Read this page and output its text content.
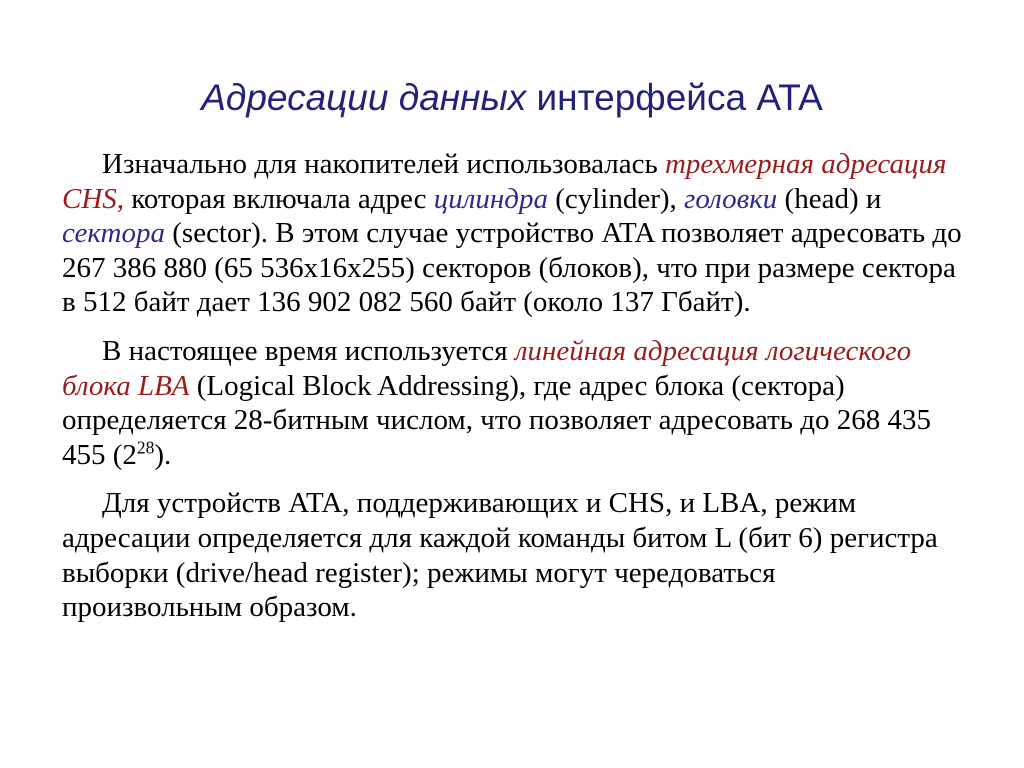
Адресации данных интерфейса ATA

Изначально для накопителей использовалась трехмерная адресация CHS, которая включала адрес цилиндра (cylinder), головки (head) и сектора (sector). В этом случае устройство ATA позволяет адресовать до 267 386 880 (65 536x16x255) секторов (блоков), что при размере сектора в 512 байт дает 136 902 082 560 байт (около 137 Гбайт).

В настоящее время используется линейная адресация логического блока LBA (Logical Block Addressing), где адрес блока (сектора) определяется 28-битным числом, что позволяет адресовать до 268 435 455 $(2^{28})$.

Для устройств ATA, поддерживающих и CHS, и LBA, режим адресации определяется для каждой команды битом L (бит 6) регистра выборки (drive/head register); режимы могут чередоваться произвольным образом.
